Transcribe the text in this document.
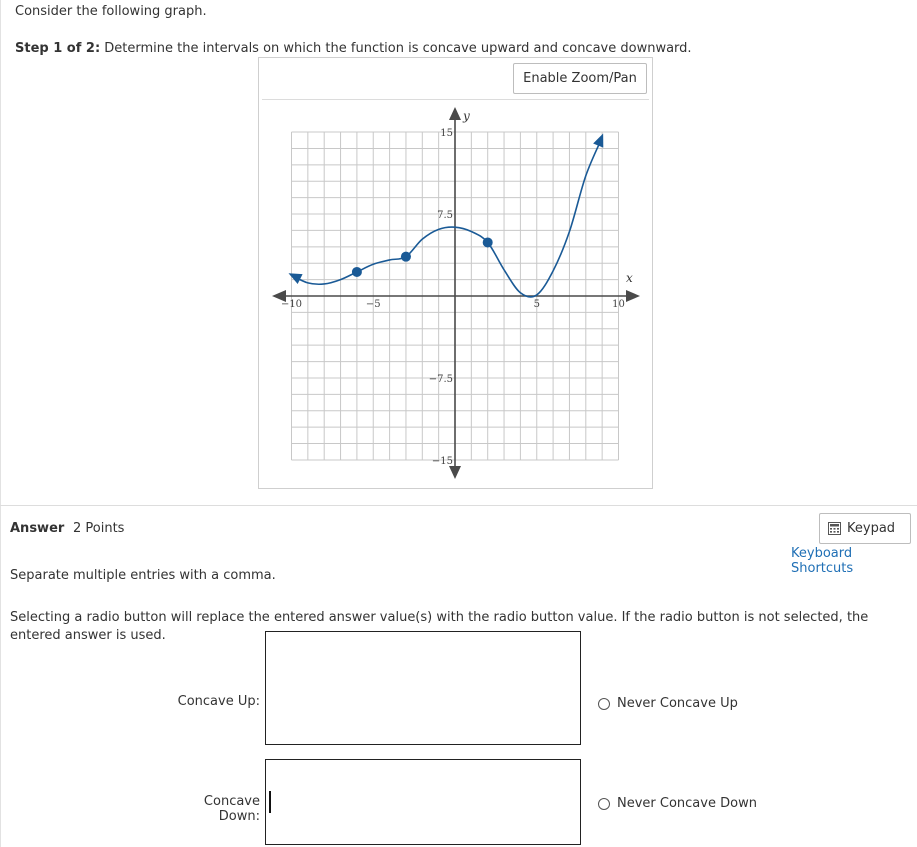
Consider the following graph.
Step 1 of 2: Determine the intervals on which the function is concave upward and concave downward.
Enable Zoom/Pan
−10	−5	5	10
15
7.5
−7.5
−15
x
y
Answer 2 Points	Keypad
Keyboard Shortcuts
Separate multiple entries with a comma.
Selecting a radio button will replace the entered answer value(s) with the radio button value. If the radio button is not selected, the entered answer is used.
Concave Up:	Never Concave Up
Concave Down:
Never Concave Down
